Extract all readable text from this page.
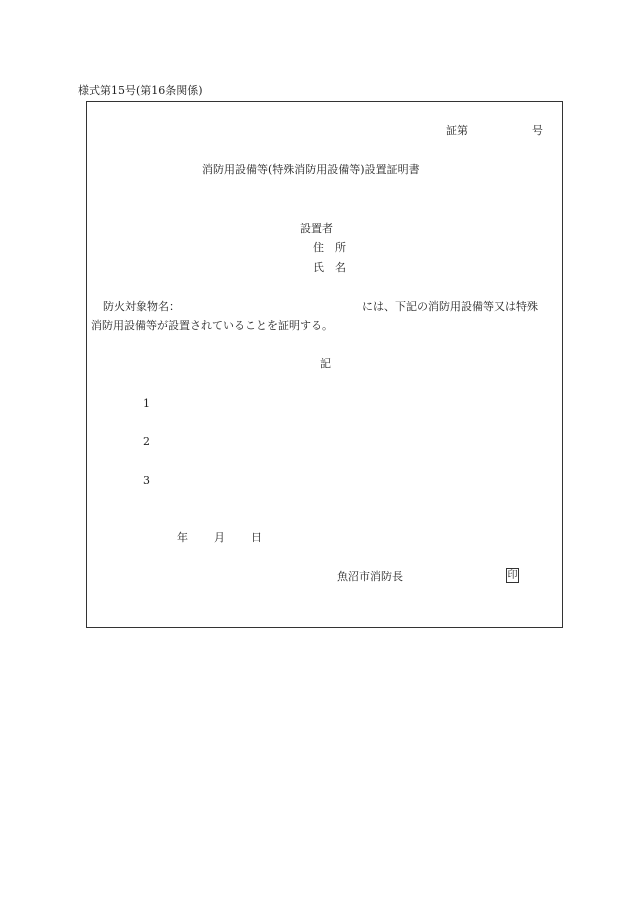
様式第15号(第16条関係)
証第	号
消防用設備等(特殊消防用設備等)設置証明書
設置者
住　所
氏　名
防火対象物名：	には、下記の消防用設備等又は特殊
消防用設備等が設置されていることを証明する。
記
1
2
3
年 月 日
魚沼市消防長	印
